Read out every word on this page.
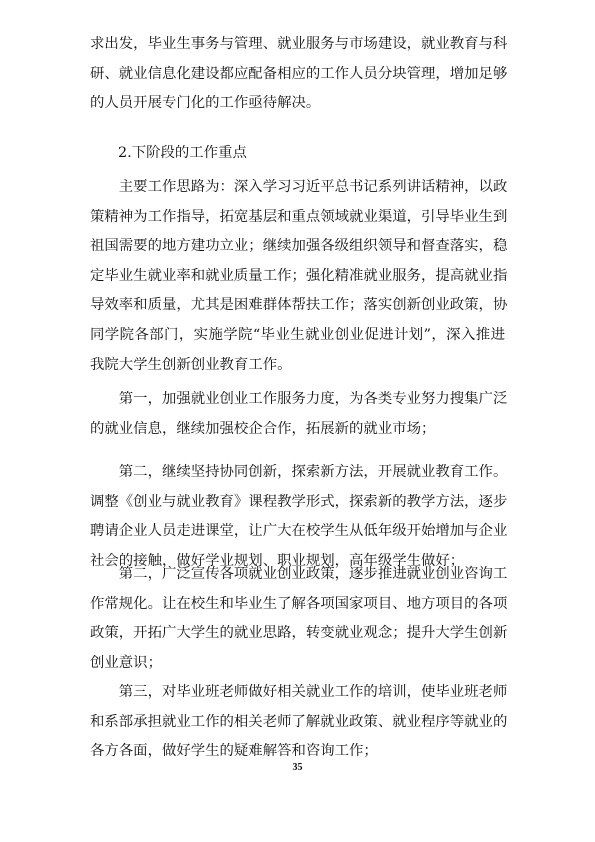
求出发，毕业生事务与管理、就业服务与市场建设，就业教育与科
研、就业信息化建设都应配备相应的工作人员分块管理，增加足够
的人员开展专门化的工作亟待解决。
2.下阶段的工作重点
　　主要工作思路为：深入学习习近平总书记系列讲话精神，以政
策精神为工作指导，拓宽基层和重点领域就业渠道，引导毕业生到
祖国需要的地方建功立业；继续加强各级组织领导和督查落实，稳
定毕业生就业率和就业质量工作；强化精准就业服务，提高就业指
导效率和质量，尤其是困难群体帮扶工作；落实创新创业政策，协
同学院各部门，实施学院“毕业生就业创业促进计划”，深入推进
我院大学生创新创业教育工作。
　　第一，加强就业创业工作服务力度，为各类专业努力搜集广泛
的就业信息，继续加强校企合作，拓展新的就业市场；
　　第二，继续坚持协同创新，探索新方法，开展就业教育工作。
调整《创业与就业教育》课程教学形式，探索新的教学方法，逐步
聘请企业人员走进课堂，让广大在校学生从低年级开始增加与企业
社会的接触，做好学业规划、职业规划，高年级学生做好；
　　第二，广泛宣传各项就业创业政策，逐步推进就业创业咨询工
作常规化。让在校生和毕业生了解各项国家项目、地方项目的各项
政策，开拓广大学生的就业思路，转变就业观念；提升大学生创新
创业意识；
　　第三，对毕业班老师做好相关就业工作的培训，使毕业班老师
和系部承担就业工作的相关老师了解就业政策、就业程序等就业的
各方各面，做好学生的疑难解答和咨询工作；
35
